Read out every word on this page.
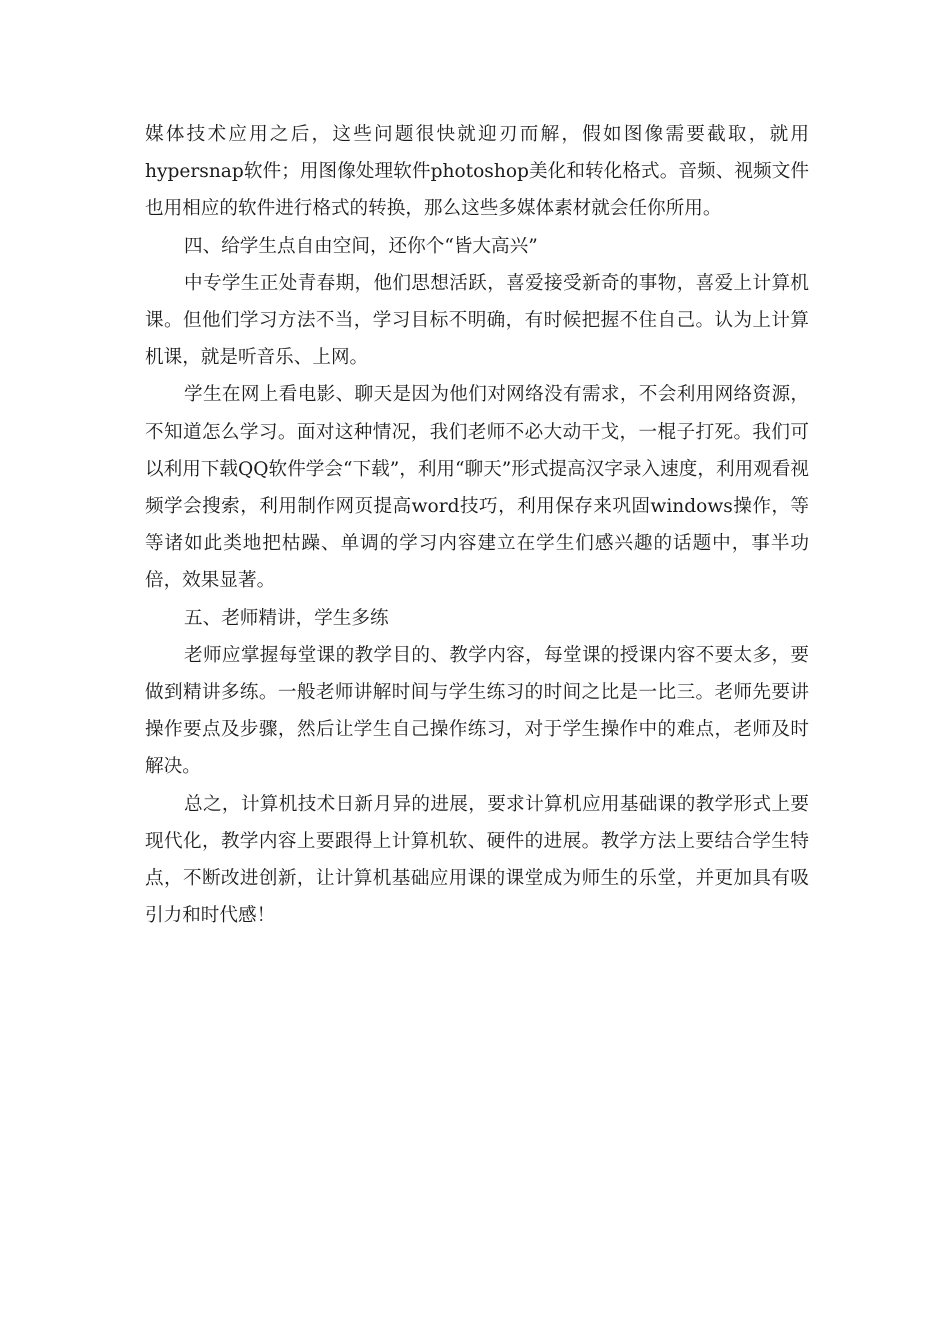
媒体技术应用之后，这些问题很快就迎刃而解，假如图像需要截取，就用hypersnap软件；用图像处理软件photoshop美化和转化格式。音频、视频文件也用相应的软件进行格式的转换，那么这些多媒体素材就会任你所用。

四、给学生点自由空间，还你个“皆大高兴”

中专学生正处青春期，他们思想活跃，喜爱接受新奇的事物，喜爱上计算机课。但他们学习方法不当，学习目标不明确，有时候把握不住自己。认为上计算机课，就是听音乐、上网。

学生在网上看电影、聊天是因为他们对网络没有需求，不会利用网络资源，不知道怎么学习。面对这种情况，我们老师不必大动干戈，一棍子打死。我们可以利用下载QQ软件学会“下载”，利用“聊天”形式提高汉字录入速度，利用观看视频学会搜索，利用制作网页提高word技巧，利用保存来巩固windows操作，等等诸如此类地把枯躁、单调的学习内容建立在学生们感兴趣的话题中，事半功倍，效果显著。

五、老师精讲，学生多练

老师应掌握每堂课的教学目的、教学内容，每堂课的授课内容不要太多，要做到精讲多练。一般老师讲解时间与学生练习的时间之比是一比三。老师先要讲操作要点及步骤，然后让学生自己操作练习，对于学生操作中的难点，老师及时解决。

总之，计算机技术日新月异的进展，要求计算机应用基础课的教学形式上要现代化，教学内容上要跟得上计算机软、硬件的进展。教学方法上要结合学生特点，不断改进创新，让计算机基础应用课的课堂成为师生的乐堂，并更加具有吸引力和时代感！
